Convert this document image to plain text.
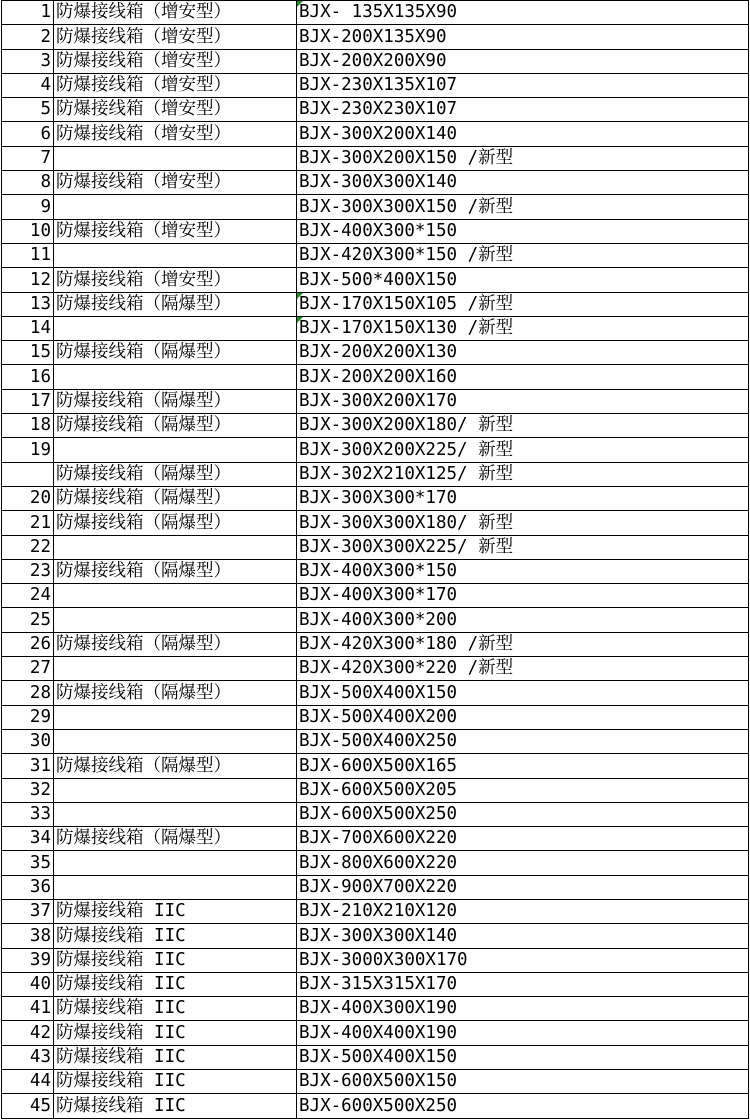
1	防爆接线箱（增安型）	BJX- 135X135X90
2	防爆接线箱（增安型）	BJX-200X135X90
3	防爆接线箱（增安型）	BJX-200X200X90
4	防爆接线箱（增安型）	BJX-230X135X107
5	防爆接线箱（增安型）	BJX-230X230X107
6	防爆接线箱（增安型）	BJX-300X200X140
7		BJX-300X200X150 /新型
8	防爆接线箱（增安型）	BJX-300X300X140
9		BJX-300X300X150 /新型
10	防爆接线箱（增安型）	BJX-400X300*150
11		BJX-420X300*150 /新型
12	防爆接线箱（增安型）	BJX-500*400X150
13	防爆接线箱（隔爆型）	BJX-170X150X105 /新型
14		BJX-170X150X130 /新型
15	防爆接线箱（隔爆型）	BJX-200X200X130
16		BJX-200X200X160
17	防爆接线箱（隔爆型）	BJX-300X200X170
18	防爆接线箱（隔爆型）	BJX-300X200X180/ 新型
19		BJX-300X200X225/ 新型
	防爆接线箱（隔爆型）	BJX-302X210X125/ 新型
20	防爆接线箱（隔爆型）	BJX-300X300*170
21	防爆接线箱（隔爆型）	BJX-300X300X180/ 新型
22		BJX-300X300X225/ 新型
23	防爆接线箱（隔爆型）	BJX-400X300*150
24		BJX-400X300*170
25		BJX-400X300*200
26	防爆接线箱（隔爆型）	BJX-420X300*180 /新型
27		BJX-420X300*220 /新型
28	防爆接线箱（隔爆型）	BJX-500X400X150
29		BJX-500X400X200
30		BJX-500X400X250
31	防爆接线箱（隔爆型）	BJX-600X500X165
32		BJX-600X500X205
33		BJX-600X500X250
34	防爆接线箱（隔爆型）	BJX-700X600X220
35		BJX-800X600X220
36		BJX-900X700X220
37	防爆接线箱 IIC	BJX-210X210X120
38	防爆接线箱 IIC	BJX-300X300X140
39	防爆接线箱 IIC	BJX-3000X300X170
40	防爆接线箱 IIC	BJX-315X315X170
41	防爆接线箱 IIC	BJX-400X300X190
42	防爆接线箱 IIC	BJX-400X400X190
43	防爆接线箱 IIC	BJX-500X400X150
44	防爆接线箱 IIC	BJX-600X500X150
45	防爆接线箱 IIC	BJX-600X500X250
